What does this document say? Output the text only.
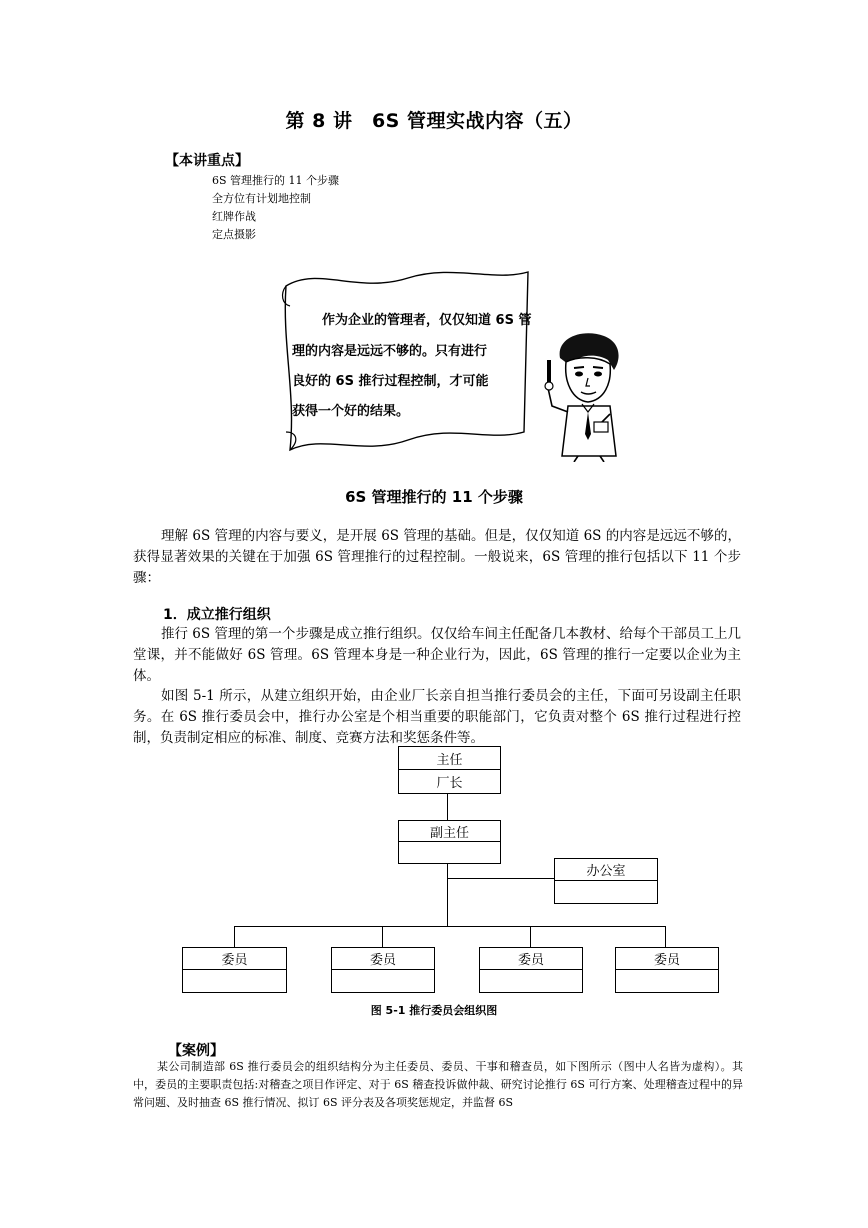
第 8 讲　6S 管理实战内容（五）
【本讲重点】
6S 管理推行的 11 个步骤
全方位有计划地控制
红牌作战
定点摄影
作为企业的管理者，仅仅知道 6S 管
理的内容是远远不够的。只有进行
良好的 6S 推行过程控制，才可能
获得一个好的结果。
6S 管理推行的 11 个步骤
理解 6S 管理的内容与要义，是开展 6S 管理的基础。但是，仅仅知道 6S 的内容是远远不够的，获得显著效果的关键在于加强 6S 管理推行的过程控制。一般说来，6S 管理的推行包括以下 11 个步骤：
1．成立推行组织
推行 6S 管理的第一个步骤是成立推行组织。仅仅给车间主任配备几本教材、给每个干部员工上几堂课，并不能做好 6S 管理。6S 管理本身是一种企业行为，因此，6S 管理的推行一定要以企业为主体。
如图 5-1 所示，从建立组织开始，由企业厂长亲自担当推行委员会的主任，下面可另设副主任职务。在 6S 推行委员会中，推行办公室是个相当重要的职能部门，它负责对整个 6S 推行过程进行控制，负责制定相应的标准、制度、竞赛方法和奖惩条件等。
主任
厂长
副主任
办公室
委员	委员	委员	委员
图 5-1 推行委员会组织图
【案例】
某公司制造部 6S 推行委员会的组织结构分为主任委员、委员、干事和稽查员，如下图所示（图中人名皆为虚构）。其中，委员的主要职责包括:对稽查之项目作评定、对于 6S 稽查投诉做仲裁、研究讨论推行 6S 可行方案、处理稽查过程中的异常问题、及时抽查 6S 推行情况、拟订 6S 评分表及各项奖惩规定，并监督 6S
